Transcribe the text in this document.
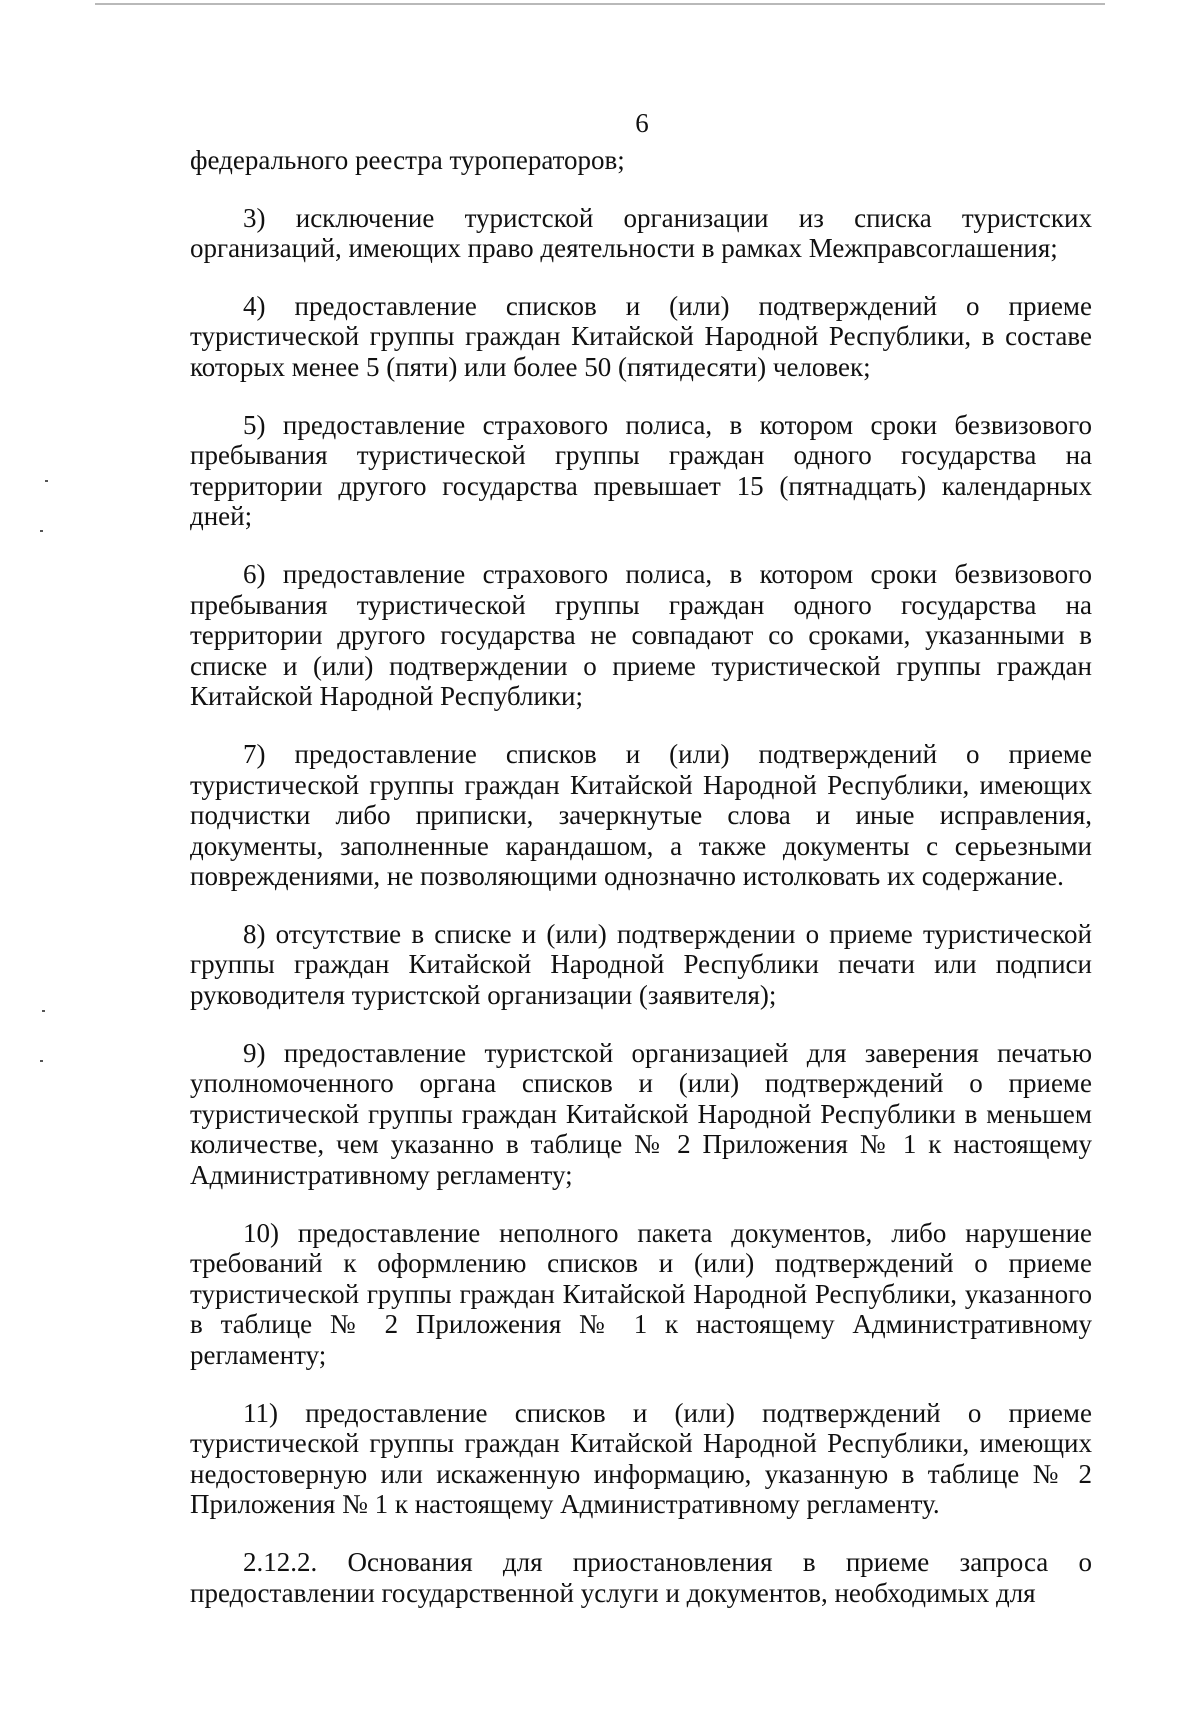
6

федерального реестра туроператоров;

3) исключение туристской организации из списка туристских организаций, имеющих право деятельности в рамках Межправсоглашения;

4) предоставление списков и (или) подтверждений о приеме туристической группы граждан Китайской Народной Республики, в составе которых менее 5 (пяти) или более 50 (пятидесяти) человек;

5) предоставление страхового полиса, в котором сроки безвизового пребывания туристической группы граждан одного государства на территории другого государства превышает 15 (пятнадцать) календарных дней;

6) предоставление страхового полиса, в котором сроки безвизового пребывания туристической группы граждан одного государства на территории другого государства не совпадают со сроками, указанными в списке и (или) подтверждении о приеме туристической группы граждан Китайской Народной Республики;

7) предоставление списков и (или) подтверждений о приеме туристической группы граждан Китайской Народной Республики, имеющих подчистки либо приписки, зачеркнутые слова и иные исправления, документы, заполненные карандашом, а также документы с серьезными повреждениями, не позволяющими однозначно истолковать их содержание.

8) отсутствие в списке и (или) подтверждении о приеме туристической группы граждан Китайской Народной Республики печати или подписи руководителя туристской организации (заявителя);

9) предоставление туристской организацией для заверения печатью уполномоченного органа списков и (или) подтверждений о приеме туристической группы граждан Китайской Народной Республики в меньшем количестве, чем указанно в таблице № 2 Приложения № 1 к настоящему Административному регламенту;

10) предоставление неполного пакета документов, либо нарушение требований к оформлению списков и (или) подтверждений о приеме туристической группы граждан Китайской Народной Республики, указанного в таблице № 2 Приложения № 1 к настоящему Административному регламенту;

11) предоставление списков и (или) подтверждений о приеме туристической группы граждан Китайской Народной Республики, имеющих недостоверную или искаженную информацию, указанную в таблице № 2 Приложения № 1 к настоящему Административному регламенту.

2.12.2. Основания для приостановления в приеме запроса о предоставлении государственной услуги и документов, необходимых для
